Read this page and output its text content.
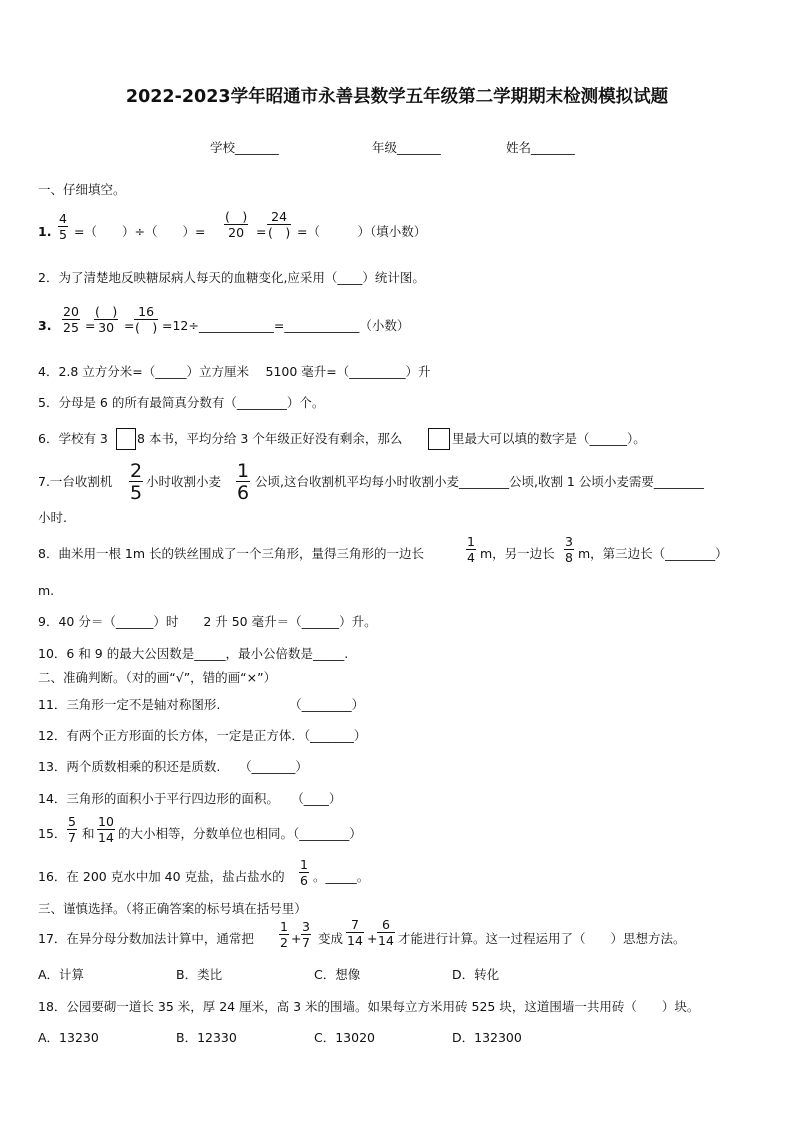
2022-2023学年昭通市永善县数学五年级第二学期期末检测模拟试题
学校_______	年级_______	姓名_______
一、仔细填空。
1. $\frac{4}{5}$ =（　　）÷（　　）=
(　)
20 =
24
(　) =（　　　）（填小数）
2．为了清楚地反映糖尿病人每天的血糖变化,应采用（____）统计图。
3. $\frac{20}{25}$ =
(　)
30 =
16
(　) =12÷____________=____________（小数）
4．2.8 立方分米=（_____）立方厘米　 5100 毫升=（_________）升
5．分母是 6 的所有最简真分数有（________）个。
6．学校有 3 8 本书，平均分给 3 个年级正好没有剩余，那么	里最大可以填的数字是（______）。
7.一台收割机 $\frac{2}{5}$ 小时收割小麦 $\frac{1}{6}$ 公顷,这台收割机平均每小时收割小麦________公顷,收割 1 公顷小麦需要________
小时.
8．曲米用一根 1m 长的铁丝围成了一个三角形，量得三角形的一边长	$\frac{1}{4}$ m，另一边长 $\frac{3}{8}$ m，第三边长（________）
m.
9．40 分＝（______）时　　2 升 50 毫升＝（______）升。
10．6 和 9 的最大公因数是_____，最小公倍数是_____.
二、准确判断。（对的画“√”，错的画“×”）
11．三角形一定不是轴对称图形.　　　　　　（________）
12．有两个正方形面的长方体，一定是正方体．（_______）
13．两个质数相乘的积还是质数.　　（_______）
14．三角形的面积小于平行四边形的面积。　　（____）
15． $\frac{5}{7}$ 和 $\frac{10}{14}$ 的大小相等，分数单位也相同。（________）
16．在 200 克水中加 40 克盐，盐占盐水的 $\frac{1}{6}$ 。_____。
三、谨慎选择。（将正确答案的标号填在括号里）
17．在异分母分数加法计算中，通常把 $\frac{1}{2} + \frac{3}{7}$ 变成 $\frac{7}{14} + \frac{6}{14}$ 才能进行计算。这一过程运用了（　　）思想方法。
A．计算	B．类比	C．想像	D．转化
18．公园要砌一道长 35 米，厚 24 厘米，高 3 米的围墙。如果每立方米用砖 525 块，这道围墙一共用砖（　　）块。
A．13230	B．12330	C．13020	D．132300
